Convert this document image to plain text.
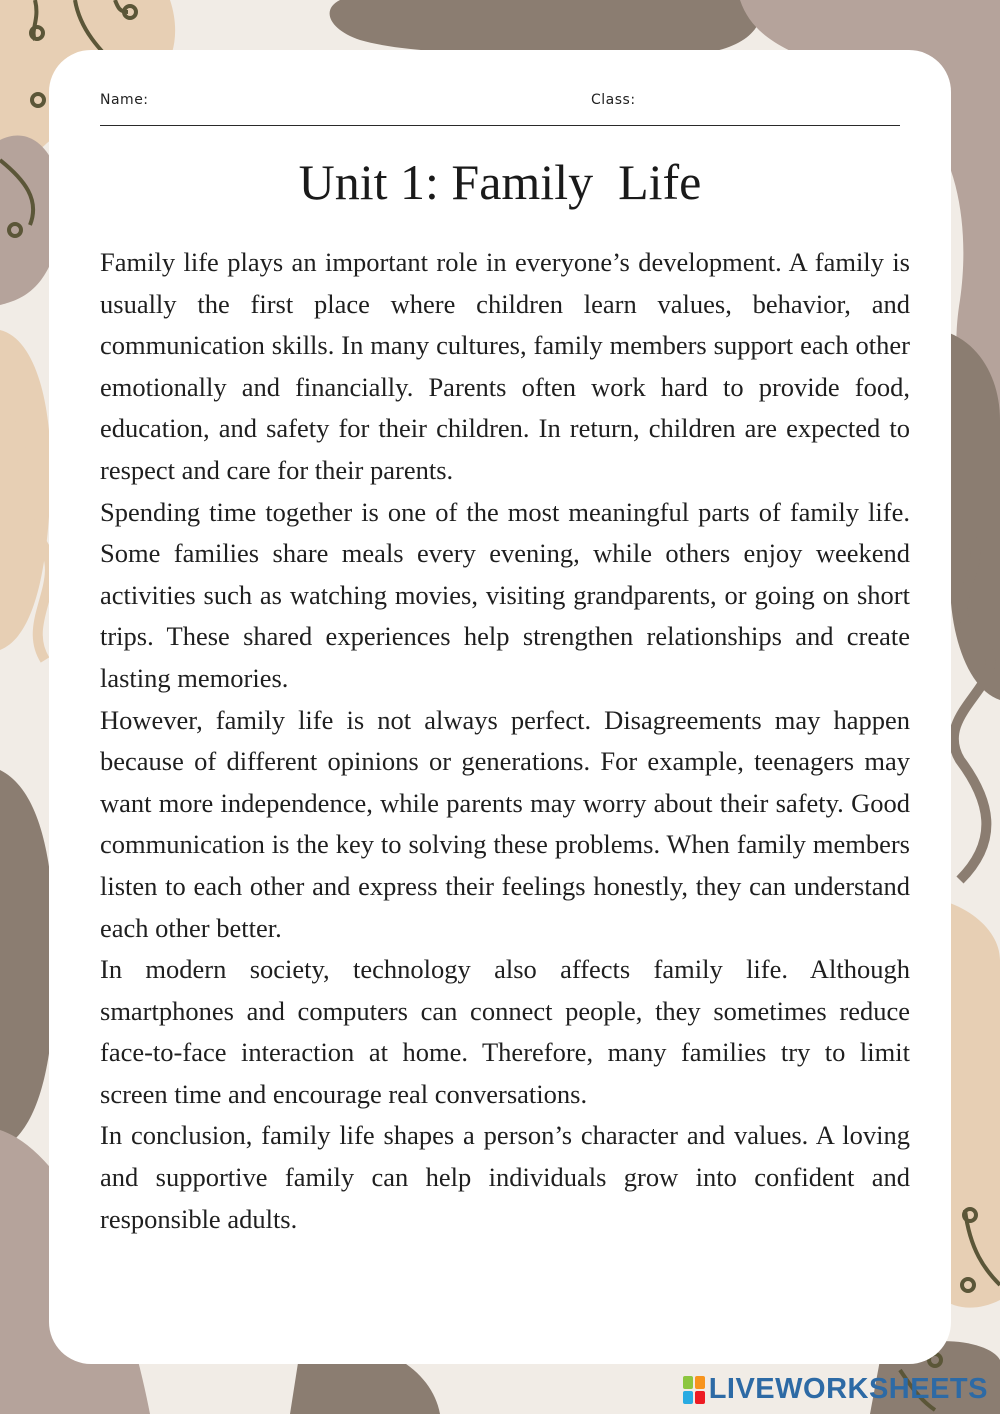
Name:	Class:
Unit 1: Family  Life

Family life plays an important role in everyone’s development. A family is usually the first place where children learn values, behavior, and communication skills. In many cultures, family members support each other emotionally and financially. Parents often work hard to provide food, education, and safety for their children. In return, children are expected to respect and care for their parents.

Spending time together is one of the most meaningful parts of family life. Some families share meals every evening, while others enjoy weekend activities such as watching movies, visiting grandparents, or going on short trips. These shared experiences help strengthen relationships and create lasting memories.

However, family life is not always perfect. Disagreements may happen because of different opinions or generations. For example, teenagers may want more independence, while parents may worry about their safety. Good communication is the key to solving these problems. When family members listen to each other and express their feelings honestly, they can understand each other better.

In modern society, technology also affects family life. Although smartphones and computers can connect people, they sometimes reduce face-to-face interaction at home. Therefore, many families try to limit screen time and encourage real conversations.

In conclusion, family life shapes a person’s character and values. A loving and supportive family can help individuals grow into confident and responsible adults.

LIVEWORKSHEETS
